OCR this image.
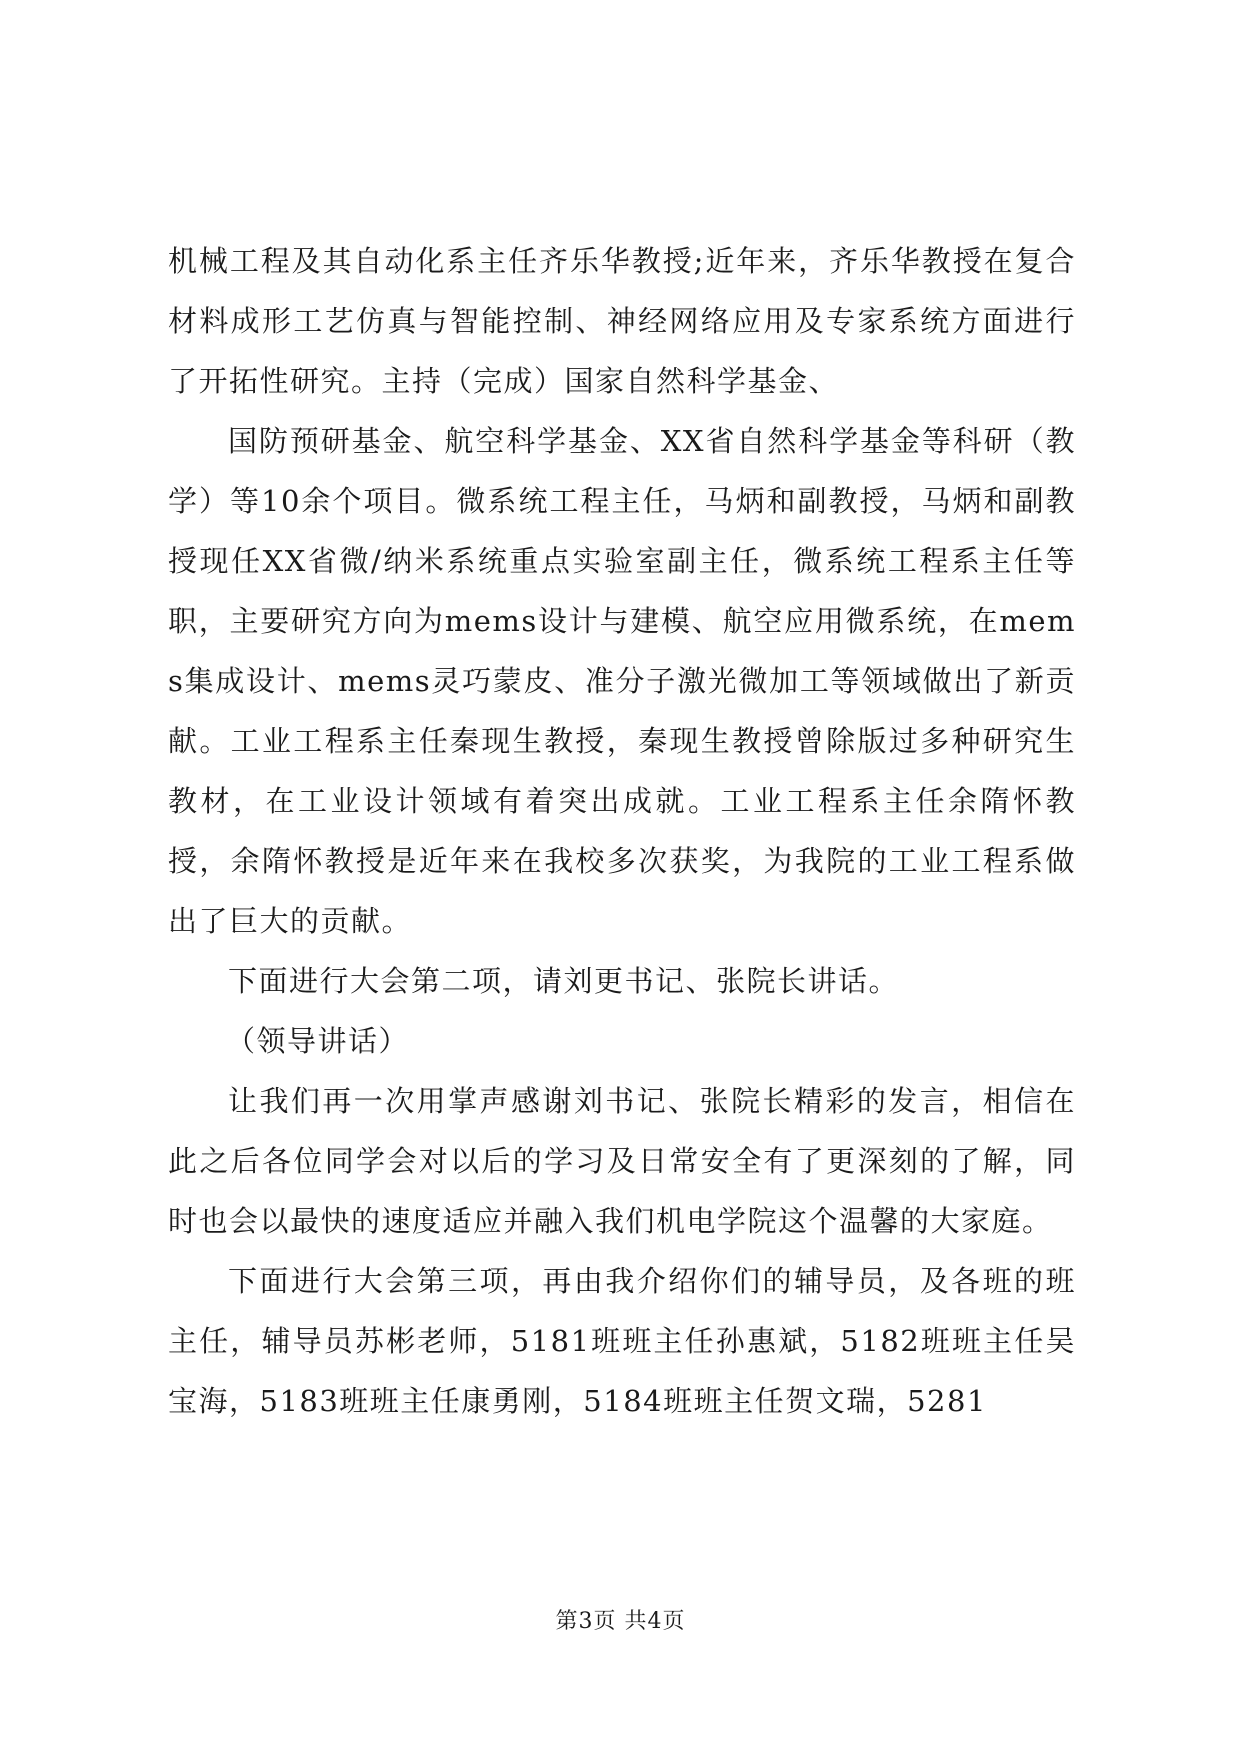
机械工程及其自动化系主任齐乐华教授;近年来，齐乐华教授在复合材料成形工艺仿真与智能控制、神经网络应用及专家系统方面进行了开拓性研究。主持（完成）国家自然科学基金、

国防预研基金、航空科学基金、XX省自然科学基金等科研（教学）等10余个项目。微系统工程主任，马炳和副教授，马炳和副教授现任XX省微/纳米系统重点实验室副主任，微系统工程系主任等职，主要研究方向为mems设计与建模、航空应用微系统，在mems集成设计、mems灵巧蒙皮、准分子激光微加工等领域做出了新贡献。工业工程系主任秦现生教授，秦现生教授曾除版过多种研究生教材，在工业设计领域有着突出成就。工业工程系主任余隋怀教授，余隋怀教授是近年来在我校多次获奖，为我院的工业工程系做出了巨大的贡献。

下面进行大会第二项，请刘更书记、张院长讲话。

（领导讲话）

让我们再一次用掌声感谢刘书记、张院长精彩的发言，相信在此之后各位同学会对以后的学习及日常安全有了更深刻的了解，同时也会以最快的速度适应并融入我们机电学院这个温馨的大家庭。

下面进行大会第三项，再由我介绍你们的辅导员，及各班的班主任，辅导员苏彬老师，5181班班主任孙惠斌，5182班班主任吴宝海，5183班班主任康勇刚，5184班班主任贺文瑞，5281

第3页 共4页
